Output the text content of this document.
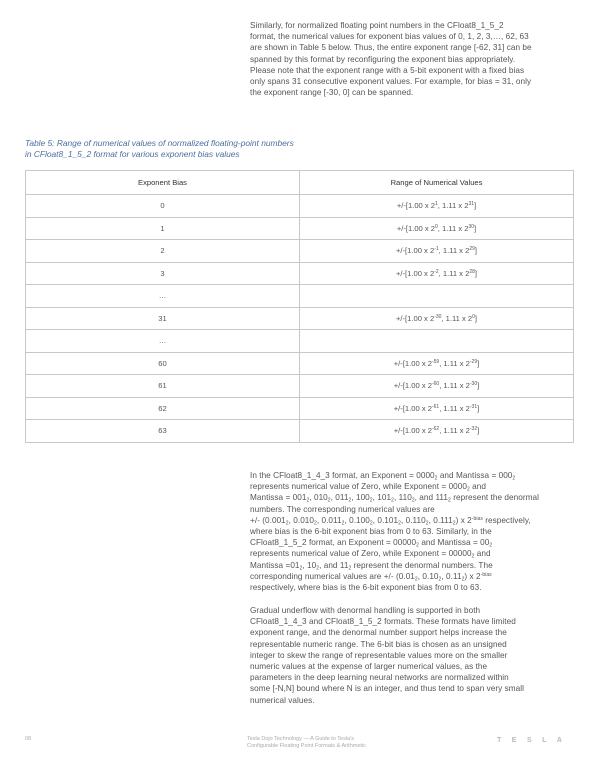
Similarly, for normalized floating point numbers in the CFloat8_1_5_2

format, the numerical values for exponent bias values of 0, 1, 2, 3,…, 62, 63

are shown in Table 5 below. Thus, the entire exponent range [-62, 31] can be

spanned by this format by reconfiguring the exponent bias appropriately.

Please note that the exponent range with a 5-bit exponent with a fixed bias

only spans 31 consecutive exponent values. For example, for bias = 31, only

the exponent range [-30, 0] can be spanned.

Table 5: Range of numerical values of normalized floating-point numbers

in CFloat8_1_5_2 format for various exponent bias values

Exponent Bias	Range of Numerical Values
0	+/-[1.00 x $2^1$, 1.11 x $2^{31}$]
1	+/-[1.00 x $2^0$, 1.11 x $2^{30}$]
2	+/-[1.00 x $2^{-1}$, 1.11 x $2^{29}$]
3	+/-[1.00 x $2^{-2}$, 1.11 x $2^{28}$]
…	
31	+/-[1.00 x $2^{-30}$, 1.11 x $2^0$]
…	
60	+/-[1.00 x $2^{-59}$, 1.11 x $2^{-29}$]
61	+/-[1.00 x $2^{-60}$, 1.11 x $2^{-30}$]
62	+/-[1.00 x $2^{-61}$, 1.11 x $2^{-31}$]
63	+/-[1.00 x $2^{-62}$, 1.11 x $2^{-32}$]

In the CFloat8_1_4_3 format, an Exponent = $0000_2$ and Mantissa = $000_2$

represents numerical value of Zero, while Exponent = $0000_2$ and

Mantissa = $001_2$, $010_2$, $011_2$, $100_2$, $101_2$, $110_2$, and $111_2$ represent the denormal

numbers. The corresponding numerical values are

+/- ($0.001_2$, $0.010_2$, $0.011_2$, $0.100_2$, $0.101_2$, $0.110_2$, $0.111_2$) x $2^{-bias}$ respectively,

where bias is the 6-bit exponent bias from 0 to 63. Similarly, in the

CFloat8_1_5_2 format, an Exponent = $00000_2$ and Mantissa = $00_2$

represents numerical value of Zero, while Exponent = $00000_2$ and

Mantissa $=01_2$, $10_2$, and $11_2$ represent the denormal numbers. The

corresponding numerical values are +/- ($0.01_2$, $0.10_2$, $0.11_2$) x $2^{-bias}$

respectively, where bias is the 6-bit exponent bias from 0 to 63.

Gradual underflow with denormal handling is supported in both

CFloat8_1_4_3 and CFloat8_1_5_2 formats. These formats have limited

exponent range, and the denormal number support helps increase the

representable numeric range. The 6-bit bias is chosen as an unsigned

integer to skew the range of representable values more on the smaller

numeric values at the expense of larger numerical values, as the

parameters in the deep learning neural networks are normalized within

some [-N,N] bound where N is an integer, and thus tend to span very small

numerical values.

08	Tesla Dojo Technology — A Guide to Tesla's
Configurable Floating Point Formats & Arithmetic
TESLA
